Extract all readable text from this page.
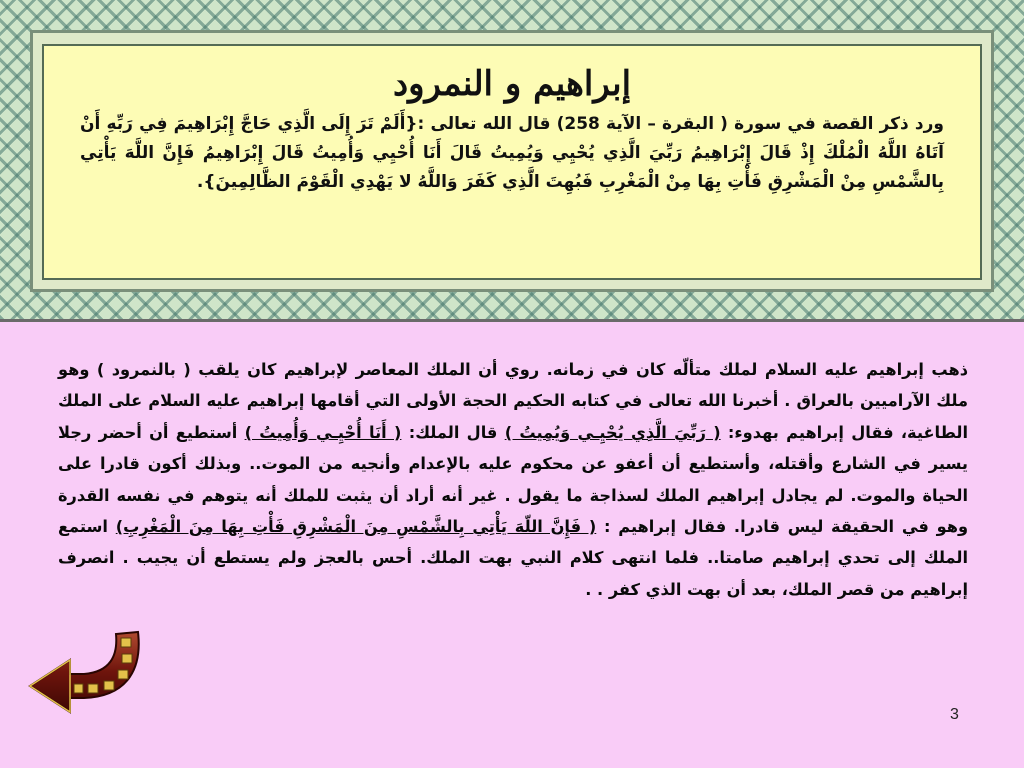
إبراهيم و النمرود
ورد ذكر القصة في سورة ( البقرة – الآية 258) قال الله تعالى :{أَلَمْ تَرَ إِلَى الَّذِي حَاجَّ إِبْرَاهِيمَ فِي رَبِّهِ أَنْ آتَاهُ اللَّهُ الْمُلْكَ إِذْ قَالَ إِبْرَاهِيمُ رَبِّيَ الَّذِي يُحْيِي وَيُمِيتُ قَالَ أَنَا أُحْيِي وَأُمِيتُ قَالَ إِبْرَاهِيمُ فَإِنَّ اللَّهَ يَأْتِي بِالشَّمْسِ مِنْ الْمَشْرِقِ فَأْتِ بِهَا مِنْ الْمَغْرِبِ فَبُهِتَ الَّذِي كَفَرَ وَاللَّهُ لا يَهْدِي الْقَوْمَ الظَّالِمِينَ}.
ذهب إبراهيم عليه السلام لملك متألّه كان في زمانه. روي أن الملك المعاصر لإبراهيم كان يلقب ( بالنمرود ) وهو ملك الآراميين بالعراق . أخبرنا الله تعالى في كتابه الحكيم الحجة الأولى التي أقامها إبراهيم عليه السلام على الملك الطاغية، فقال إبراهيم بهدوء: ( رَبِّيَ الَّذِي يُحْيِـي وَيُمِيتُ ) قال الملك: ( أَنَا أُحْيِـي وَأُمِيتُ ) أستطيع أن أحضر رجلا يسير في الشارع وأقتله، وأستطيع أن أعفو عن محكوم عليه بالإعدام وأنجيه من الموت.. وبذلك أكون قادرا على الحياة والموت. لم يجادل إبراهيم الملك لسذاجة ما يقول . غير أنه أراد أن يثبت للملك أنه يتوهم في نفسه القدرة وهو في الحقيقة ليس قادرا. فقال إبراهيم : ( فَإِنَّ اللّهَ يَأْتِي بِالشَّمْسِ مِنَ الْمَشْرِقِ فَأْتِ بِهَا مِنَ الْمَغْرِبِ) استمع الملك إلى تحدي إبراهيم صامتا.. فلما انتهى كلام النبي بهت الملك. أحس بالعجز ولم يستطع أن يجيب . انصرف إبراهيم من قصر الملك، بعد أن بهت الذي كفر . .
3
